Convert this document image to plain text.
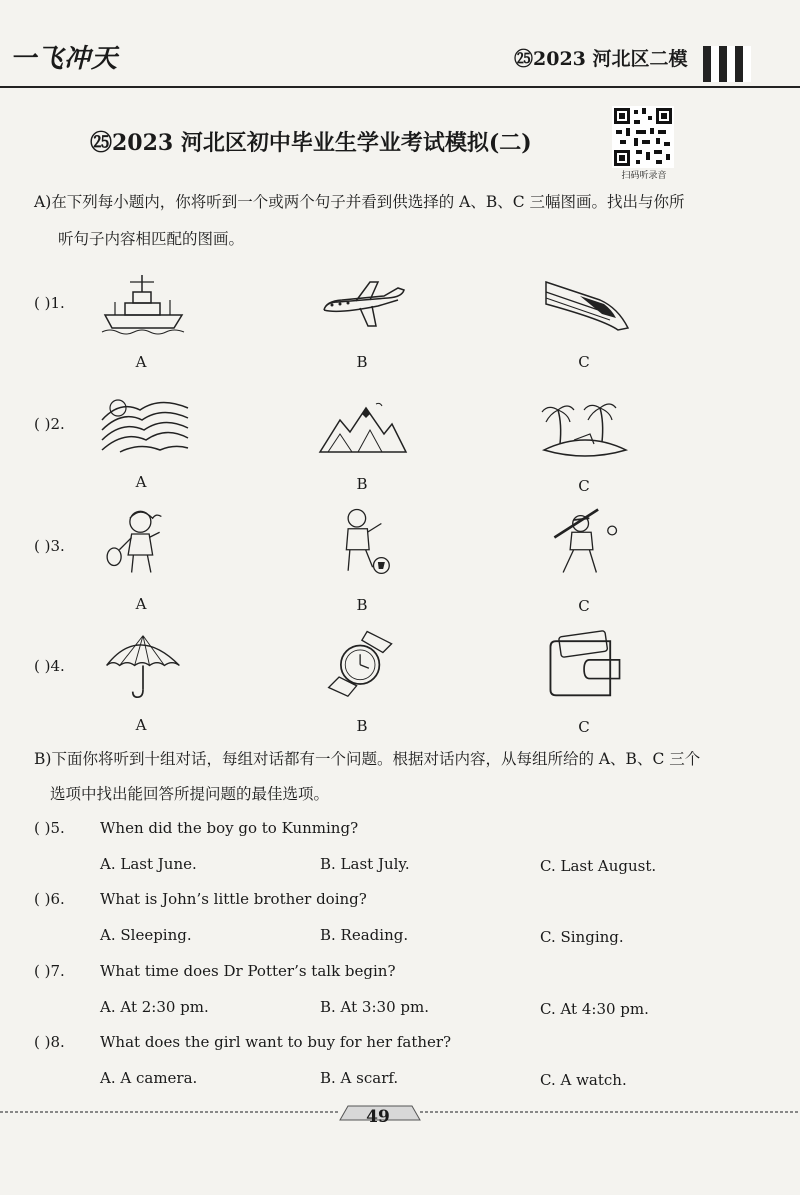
一飞冲天	㉕2023 河北区二模
㉕2023 河北区初中毕业生学业考试模拟(二)
扫码听录音
A)在下列每小题内，你将听到一个或两个句子并看到供选择的 A、B、C 三幅图画。找出与你所
听句子内容相匹配的图画。
( )1.
A	B	C
( )2.
A	B	C
( )3.
A	B	C
( )4.
A	B	C
B)下面你将听到十组对话，每组对话都有一个问题。根据对话内容，从每组所给的 A、B、C 三个
选项中找出能回答所提问题的最佳选项。
( )5. When did the boy go to Kunming?
A. Last June.	B. Last July.	C. Last August.
( )6. What is John’s little brother doing?
A. Sleeping.	B. Reading.	C. Singing.
( )7. What time does Dr Potter’s talk begin?
A. At 2:30 pm.	B. At 3:30 pm.	C. At 4:30 pm.
( )8. What does the girl want to buy for her father?
A. A camera.	B. A scarf.	C. A watch.
49
